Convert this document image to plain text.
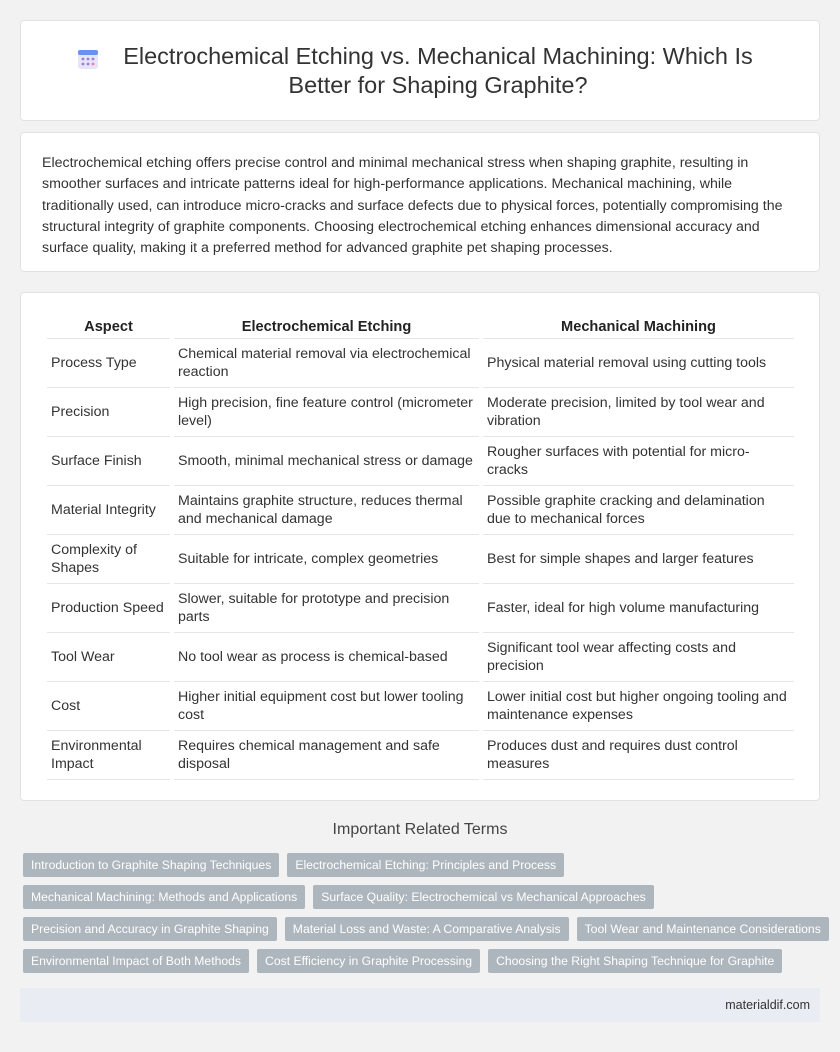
Electrochemical Etching vs. Mechanical Machining: Which Is Better for Shaping Graphite?

Electrochemical etching offers precise control and minimal mechanical stress when shaping graphite, resulting in smoother surfaces and intricate patterns ideal for high-performance applications. Mechanical machining, while traditionally used, can introduce micro-cracks and surface defects due to physical forces, potentially compromising the structural integrity of graphite components. Choosing electrochemical etching enhances dimensional accuracy and surface quality, making it a preferred method for advanced graphite pet shaping processes.

Aspect	Electrochemical Etching	Mechanical Machining
Process Type	Chemical material removal via electrochemical reaction	Physical material removal using cutting tools
Precision	High precision, fine feature control (micrometer level)	Moderate precision, limited by tool wear and vibration
Surface Finish	Smooth, minimal mechanical stress or damage	Rougher surfaces with potential for micro-cracks
Material Integrity	Maintains graphite structure, reduces thermal and mechanical damage	Possible graphite cracking and delamination due to mechanical forces
Complexity of Shapes	Suitable for intricate, complex geometries	Best for simple shapes and larger features
Production Speed	Slower, suitable for prototype and precision parts	Faster, ideal for high volume manufacturing
Tool Wear	No tool wear as process is chemical-based	Significant tool wear affecting costs and precision
Cost	Higher initial equipment cost but lower tooling cost	Lower initial cost but higher ongoing tooling and maintenance expenses
Environmental Impact	Requires chemical management and safe disposal	Produces dust and requires dust control measures
Important Related Terms
Introduction to Graphite Shaping Techniques	Electrochemical Etching: Principles and Process
Mechanical Machining: Methods and Applications	Surface Quality: Electrochemical vs Mechanical Approaches
Precision and Accuracy in Graphite Shaping	Material Loss and Waste: A Comparative Analysis	Tool Wear and Maintenance Considerations
Environmental Impact of Both Methods	Cost Efficiency in Graphite Processing	Choosing the Right Shaping Technique for Graphite
materialdif.com
